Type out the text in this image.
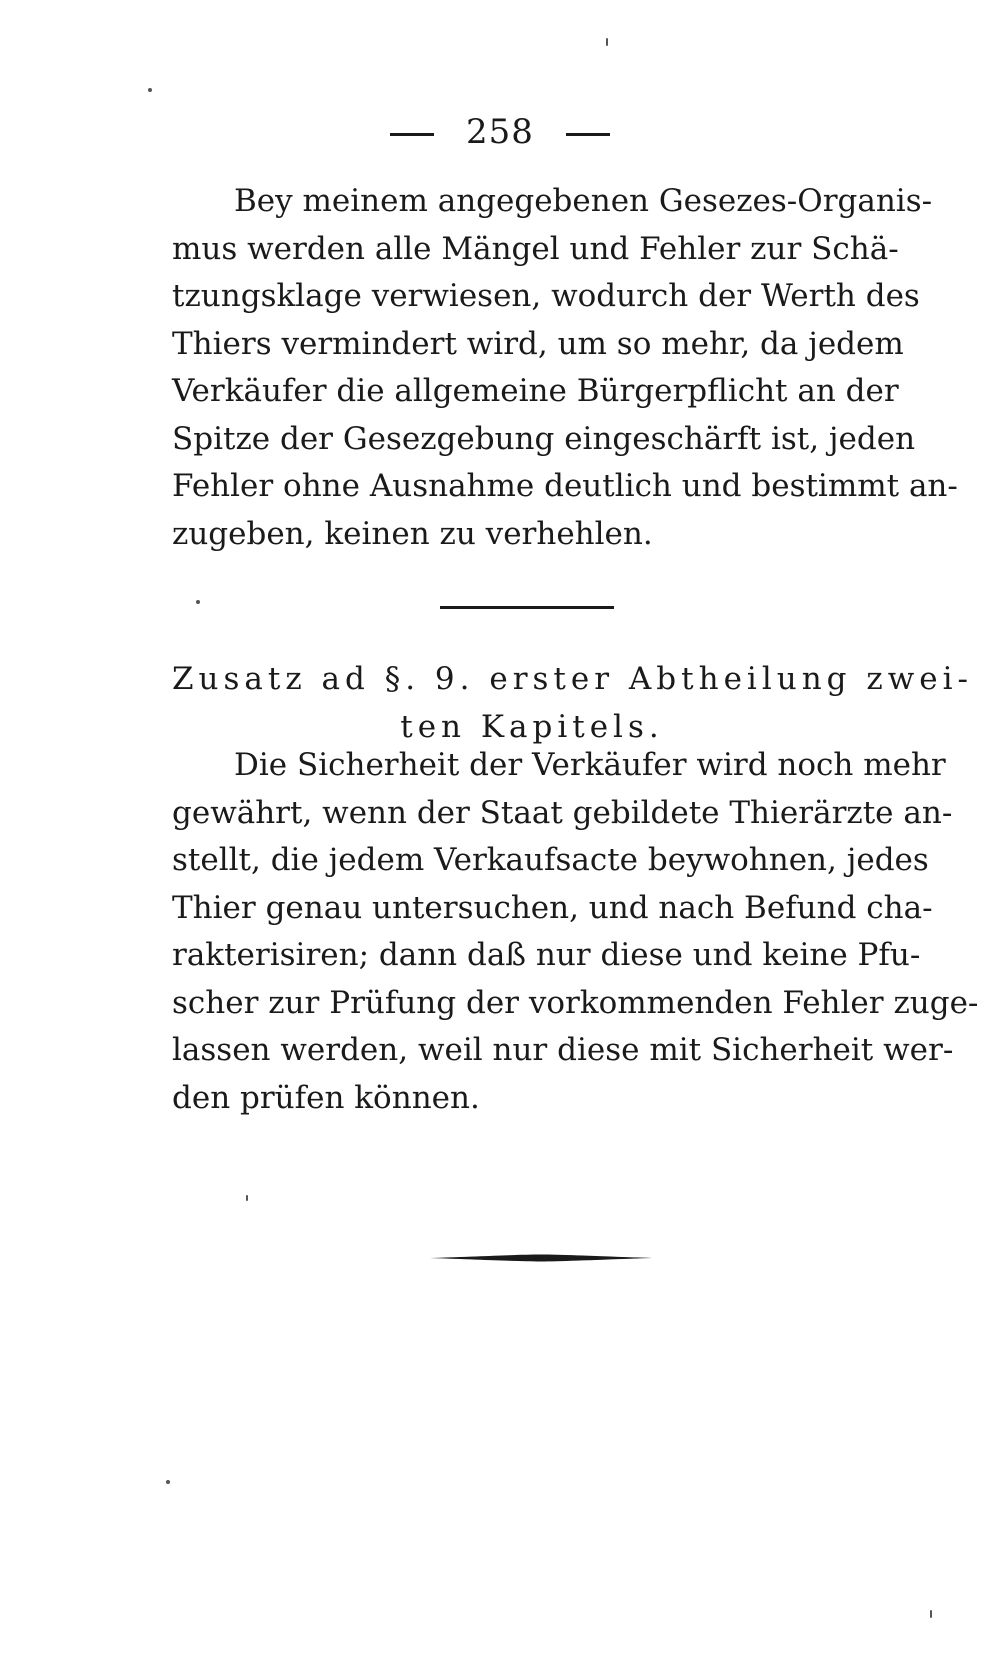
258
Bey meinem angegebenen Gesezes-Organis-
mus werden alle Mängel und Fehler zur Schä-
tzungsklage verwiesen, wodurch der Werth des
Thiers vermindert wird, um so mehr, da jedem
Verkäufer die allgemeine Bürgerpflicht an der
Spitze der Gesezgebung eingeschärft ist, jeden
Fehler ohne Ausnahme deutlich und bestimmt an-
zugeben, keinen zu verhehlen.
Zusatz ad §. 9. erster Abtheilung zwei-
ten Kapitels.
Die Sicherheit der Verkäufer wird noch mehr
gewährt, wenn der Staat gebildete Thierärzte an-
stellt, die jedem Verkaufsacte beywohnen, jedes
Thier genau untersuchen, und nach Befund cha-
rakterisiren; dann daß nur diese und keine Pfu-
scher zur Prüfung der vorkommenden Fehler zuge-
lassen werden, weil nur diese mit Sicherheit wer-
den prüfen können.
